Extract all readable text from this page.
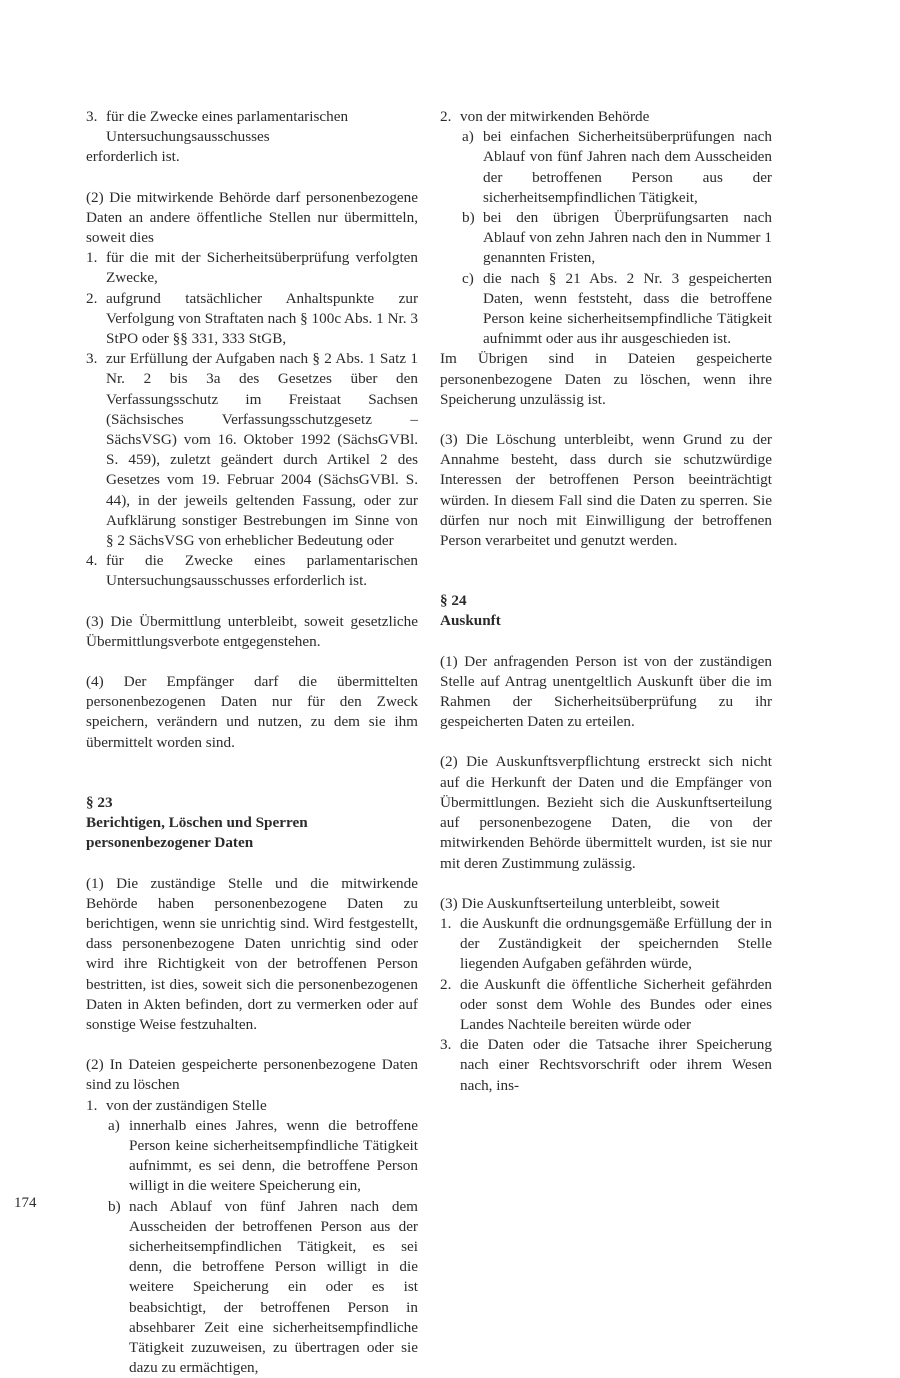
3. für die Zwecke eines parlamentarischen Untersuchungsausschusses

erforderlich ist.

(2) Die mitwirkende Behörde darf personenbezogene Daten an andere öffentliche Stellen nur übermitteln, soweit dies

1. für die mit der Sicherheitsüberprüfung verfolgten Zwecke,
2. aufgrund tatsächlicher Anhaltspunkte zur Verfolgung von Straftaten nach § 100c Abs. 1 Nr. 3 StPO oder §§ 331, 333 StGB,
3. zur Erfüllung der Aufgaben nach § 2 Abs. 1 Satz 1 Nr. 2 bis 3a des Gesetzes über den Verfassungsschutz im Freistaat Sachsen (Sächsisches Verfassungsschutzgesetz – SächsVSG) vom 16. Oktober 1992 (SächsGVBl. S. 459), zuletzt geändert durch Artikel 2 des Gesetzes vom 19. Februar 2004 (SächsGVBl. S. 44), in der jeweils geltenden Fassung, oder zur Aufklärung sonstiger Bestrebungen im Sinne von § 2 SächsVSG von erheblicher Bedeutung oder
4. für die Zwecke eines parlamentarischen Untersuchungsausschusses erforderlich ist.

(3) Die Übermittlung unterbleibt, soweit gesetzliche Übermittlungsverbote entgegenstehen.

(4) Der Empfänger darf die übermittelten personenbezogenen Daten nur für den Zweck speichern, verändern und nutzen, zu dem sie ihm übermittelt worden sind.

§ 23

Berichtigen, Löschen und Sperren personenbezogener Daten

(1) Die zuständige Stelle und die mitwirkende Behörde haben personenbezogene Daten zu berichtigen, wenn sie unrichtig sind. Wird festgestellt, dass personenbezogene Daten unrichtig sind oder wird ihre Richtigkeit von der betroffenen Person bestritten, ist dies, soweit sich die personenbezogenen Daten in Akten befinden, dort zu vermerken oder auf sonstige Weise festzuhalten.

(2) In Dateien gespeicherte personenbezogene Daten sind zu löschen

1. von der zuständigen Stelle
a) innerhalb eines Jahres, wenn die betroffene Person keine sicherheitsempfindliche Tätigkeit aufnimmt, es sei denn, die betroffene Person willigt in die weitere Speicherung ein,
b) nach Ablauf von fünf Jahren nach dem Ausscheiden der betroffenen Person aus der sicherheitsempfindlichen Tätigkeit, es sei denn, die betroffene Person willigt in die weitere Speicherung ein oder es ist beabsichtigt, der betroffenen Person in absehbarer Zeit eine sicherheitsempfindliche Tätigkeit zuzuweisen, zu übertragen oder sie dazu zu ermächtigen,
2. von der mitwirkenden Behörde
a) bei einfachen Sicherheitsüberprüfungen nach Ablauf von fünf Jahren nach dem Ausscheiden der betroffenen Person aus der sicherheitsempfindlichen Tätigkeit,
b) bei den übrigen Überprüfungsarten nach Ablauf von zehn Jahren nach den in Nummer 1 genannten Fristen,
c) die nach § 21 Abs. 2 Nr. 3 gespeicherten Daten, wenn feststeht, dass die betroffene Person keine sicherheitsempfindliche Tätigkeit aufnimmt oder aus ihr ausgeschieden ist.

Im Übrigen sind in Dateien gespeicherte personenbezogene Daten zu löschen, wenn ihre Speicherung unzulässig ist.

(3) Die Löschung unterbleibt, wenn Grund zu der Annahme besteht, dass durch sie schutzwürdige Interessen der betroffenen Person beeinträchtigt würden. In diesem Fall sind die Daten zu sperren. Sie dürfen nur noch mit Einwilligung der betroffenen Person verarbeitet und genutzt werden.

§ 24

Auskunft

(1) Der anfragenden Person ist von der zuständigen Stelle auf Antrag unentgeltlich Auskunft über die im Rahmen der Sicherheitsüberprüfung zu ihr gespeicherten Daten zu erteilen.

(2) Die Auskunftsverpflichtung erstreckt sich nicht auf die Herkunft der Daten und die Empfänger von Übermittlungen. Bezieht sich die Auskunftserteilung auf personenbezogene Daten, die von der mitwirkenden Behörde übermittelt wurden, ist sie nur mit deren Zustimmung zulässig.

(3) Die Auskunftserteilung unterbleibt, soweit

1. die Auskunft die ordnungsgemäße Erfüllung der in der Zuständigkeit der speichernden Stelle liegenden Aufgaben gefährden würde,
2. die Auskunft die öffentliche Sicherheit gefährden oder sonst dem Wohle des Bundes oder eines Landes Nachteile bereiten würde oder
3. die Daten oder die Tatsache ihrer Speicherung nach einer Rechtsvorschrift oder ihrem Wesen nach, ins-
174
